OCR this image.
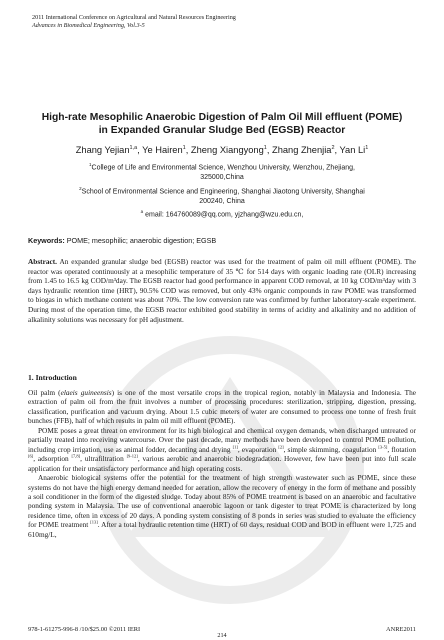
2011 International Conference on Agricultural and Natural Resources Engineering
Advances in Biomedical Engineering, Vol.3-5
High-rate Mesophilic Anaerobic Digestion of Palm Oil Mill effluent (POME)
in Expanded Granular Sludge Bed (EGSB) Reactor
Zhang Yejian$^{1,a}$, Ye Hairen$^1$, Zheng Xiangyong$^1$, Zhang Zhenjia$^2$, Yan Li$^1$
$^1$College of Life and Environmental Science, Wenzhou University, Wenzhou, Zhejiang,
325000,China
$^2$School of Environmental Science and Engineering, Shanghai Jiaotong University, Shanghai
200240, China
$^a$ email: 164760089@qq.com, yjzhang@wzu.edu.cn,
Keywords: POME; mesophilic; anaerobic digestion; EGSB
Abstract. An expanded granular sludge bed (EGSB) reactor was used for the treatment of palm oil mill effluent (POME). The reactor was operated continuously at a mesophilic temperature of 35 ℃ for 514 days with organic loading rate (OLR) increasing from 1.45 to 16.5 kg COD/m³day. The EGSB reactor had good performance in apparent COD removal, at 10 kg COD/m³day with 3 days hydraulic retention time (HRT), 90.5% COD was removed, but only 43% organic compounds in raw POME was transformed to biogas in which methane content was about 70%. The low conversion rate was confirmed by further laboratory-scale experiment. During most of the operation time, the EGSB reactor exhibited good stability in terms of acidity and alkalinity and no addition of alkalinity solutions was necessary for pH adjustment.
1. Introduction

Oil palm (elaeis guineensis) is one of the most versatile crops in the tropical region, notably in Malaysia and Indonesia. The extraction of palm oil from the fruit involves a number of processing procedures: sterilization, stripping, digestion, pressing, classification, purification and vacuum drying. About 1.5 cubic meters of water are consumed to process one tonne of fresh fruit bunches (FFB), half of which results in palm oil mill effluent (POME).

POME poses a great threat on environment for its high biological and chemical oxygen demands, when discharged untreated or partially treated into receiving watercourse. Over the past decade, many methods have been developed to control POME pollution, including crop irrigation, use as animal fodder, decanting and drying [1], evaporation [2], simple skimming, coagulation [3-5], flotation [6], adsorption [7,8], ultrafiltration [9-12], various aerobic and anaerobic biodegradation. However, few have been put into full scale application for their unsatisfactory performance and high operating costs.

Anaerobic biological systems offer the potential for the treatment of high strength wastewater such as POME, since these systems do not have the high energy demand needed for aeration, allow the recovery of energy in the form of methane and possibly a soil conditioner in the form of the digested sludge. Today about 85% of POME treatment is based on an anaerobic and facultative ponding system in Malaysia. The use of conventional anaerobic lagoon or tank digester to treat POME is characterized by long residence time, often in excess of 20 days. A ponding system consisting of 8 ponds in series was studied to evaluate the efficiency for POME treatment [13]. After a total hydraulic retention time (HRT) of 60 days, residual COD and BOD in effluent were 1,725 and 610mg/L,

978-1-61275-996-8 /10/$25.00 ©2011 IERI
214
ANRE2011
